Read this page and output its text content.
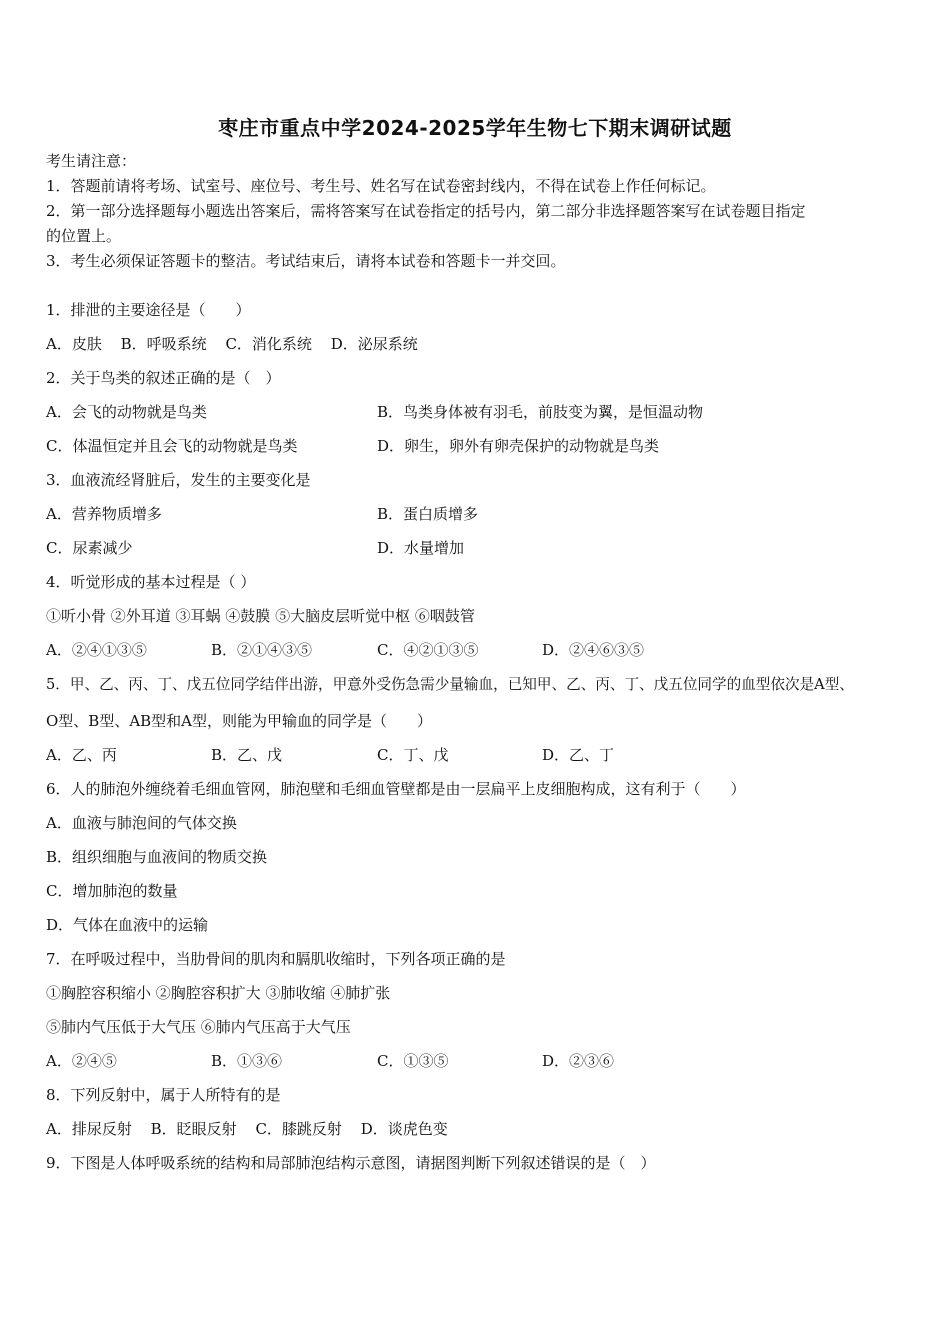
枣庄市重点中学2024-2025学年生物七下期末调研试题
考生请注意：
1．答题前请将考场、试室号、座位号、考生号、姓名写在试卷密封线内，不得在试卷上作任何标记。
2．第一部分选择题每小题选出答案后，需将答案写在试卷指定的括号内，第二部分非选择题答案写在试卷题目指定
的位置上。
3．考生必须保证答题卡的整洁。考试结束后，请将本试卷和答题卡一并交回。
1．排泄的主要途径是（　　）
A．皮肤 B．呼吸系统 C．消化系统 D．泌尿系统
2．关于鸟类的叙述正确的是（　）
A．会飞的动物就是鸟类	B．鸟类身体被有羽毛，前肢变为翼，是恒温动物
C．体温恒定并且会飞的动物就是鸟类	D．卵生，卵外有卵壳保护的动物就是鸟类
3．血液流经肾脏后，发生的主要变化是
A．营养物质增多	B．蛋白质增多
C．尿素减少	D．水量增加
4．听觉形成的基本过程是（ ）
①听小骨 ②外耳道 ③耳蜗 ④鼓膜 ⑤大脑皮层听觉中枢 ⑥咽鼓管
A．②④①③⑤	B．②①④③⑤	C．④②①③⑤	D．②④⑥③⑤
5．甲、乙、丙、丁、戊五位同学结伴出游，甲意外受伤急需少量输血，已知甲、乙、丙、丁、戊五位同学的血型依次是A型、
O型、B型、AB型和A型，则能为甲输血的同学是（　　）
A．乙、丙	B．乙、戊	C．丁、戊	D．乙、丁
6．人的肺泡外缠绕着毛细血管网，肺泡壁和毛细血管壁都是由一层扁平上皮细胞构成，这有利于（　　）
A．血液与肺泡间的气体交换
B．组织细胞与血液间的物质交换
C．增加肺泡的数量
D．气体在血液中的运输
7．在呼吸过程中，当肋骨间的肌肉和膈肌收缩时，下列各项正确的是
①胸腔容积缩小 ②胸腔容积扩大 ③肺收缩 ④肺扩张
⑤肺内气压低于大气压 ⑥肺内气压高于大气压
A．②④⑤	B．①③⑥	C．①③⑤	D．②③⑥
8．下列反射中，属于人所特有的是
A．排尿反射 B．眨眼反射 C．膝跳反射 D．谈虎色变
9．下图是人体呼吸系统的结构和局部肺泡结构示意图，请据图判断下列叙述错误的是（　）
